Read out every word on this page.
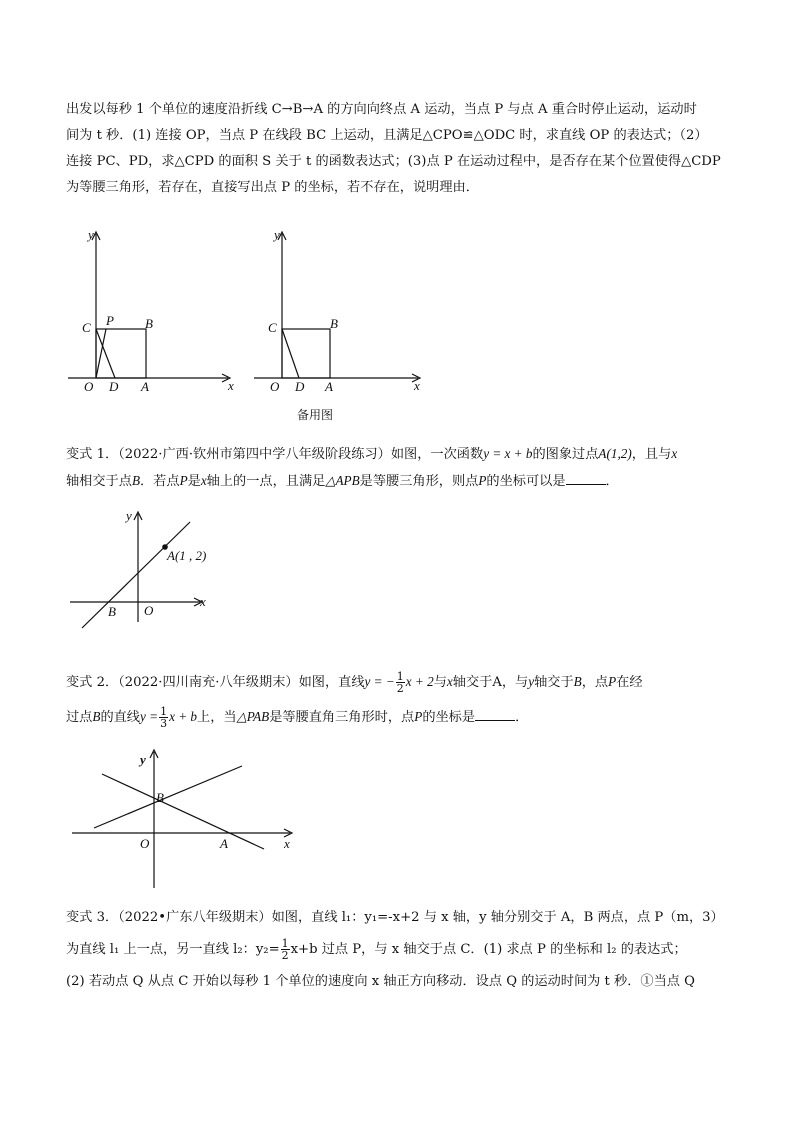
出发以每秒 1 个单位的速度沿折线 C→B→A 的方向向终点 A 运动，当点 P 与点 A 重合时停止运动，运动时
间为 t 秒．(1) 连接 OP，当点 P 在线段 BC 上运动，且满足△CPO≌△ODC 时，求直线 OP 的表达式；（2）
连接 PC、PD，求△CPD 的面积 S 关于 t 的函数表达式；(3)点 P 在运动过程中，是否存在某个位置使得△CDP
为等腰三角形，若存在，直接写出点 P 的坐标，若不存在，说明理由．

y
x
O
C P B
D A
y
x
O
C	B
D A
备用图

变式 1．（2022·广西·钦州市第四中学八年级阶段练习）如图，一次函数y = x + b的图象过点A(1,2)，且与x
轴相交于点B．若点P是x轴上的一点，且满足△APB是等腰三角形，则点P的坐标可以是	．

y
x
O
B
A(1 , 2)

变式 2．（2022·四川南充·八年级期末）如图，直线y = − $\frac{1}{2}$ x + 2与x轴交于A，与y轴交于B，点P在经
过点B的直线$y = \frac{1}{3}$ x + b上，当△PAB是等腰直角三角形时，点P的坐标是	．

y
x
O
B
A

变式 3．（2022•广东八年级期末）如图，直线 l₁：y₁=-x+2 与 x 轴，y 轴分别交于 A，B 两点，点 P（m，3）
为直线 l₁ 上一点，另一直线 l₂：$y_2= \frac{1}{2} x+b$ 过点 P，与 x 轴交于点 C．(1) 求点 P 的坐标和 l₂ 的表达式；
(2) 若动点 Q 从点 C 开始以每秒 1 个单位的速度向 x 轴正方向移动．设点 Q 的运动时间为 t 秒．①当点 Q
